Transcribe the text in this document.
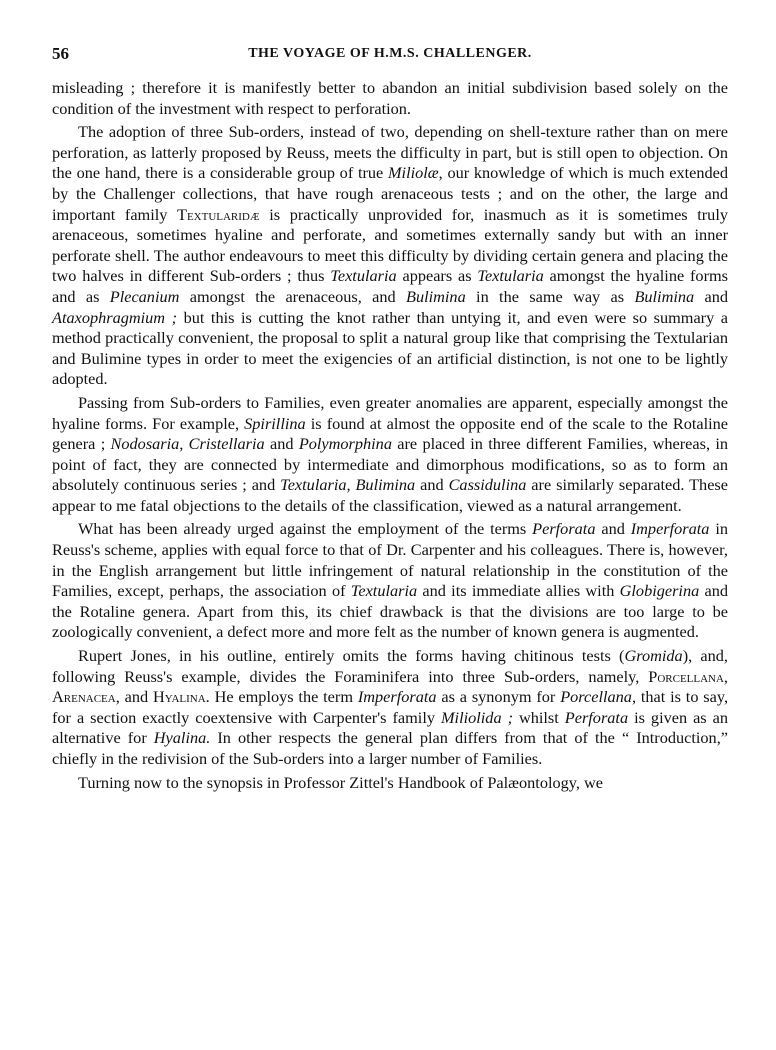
56	THE VOYAGE OF H.M.S. CHALLENGER.

misleading ; therefore it is manifestly better to abandon an initial subdivision based solely on the condition of the investment with respect to perforation.

The adoption of three Sub-orders, instead of two, depending on shell-texture rather than on mere perforation, as latterly proposed by Reuss, meets the difficulty in part, but is still open to objection. On the one hand, there is a considerable group of true Miliolæ, our knowledge of which is much extended by the Challenger collections, that have rough arenaceous tests ; and on the other, the large and important family Textularidæ is practically unprovided for, inasmuch as it is sometimes truly arenaceous, sometimes hyaline and perforate, and sometimes externally sandy but with an inner perforate shell. The author endeavours to meet this difficulty by dividing certain genera and placing the two halves in different Sub-orders ; thus Textularia appears as Textularia amongst the hyaline forms and as Plecanium amongst the arenaceous, and Bulimina in the same way as Bulimina and Ataxophragmium ; but this is cutting the knot rather than untying it, and even were so summary a method practically convenient, the proposal to split a natural group like that comprising the Textularian and Bulimine types in order to meet the exigencies of an artificial distinction, is not one to be lightly adopted.

Passing from Sub-orders to Families, even greater anomalies are apparent, especially amongst the hyaline forms. For example, Spirillina is found at almost the opposite end of the scale to the Rotaline genera ; Nodosaria, Cristellaria and Polymorphina are placed in three different Families, whereas, in point of fact, they are connected by intermediate and dimorphous modifications, so as to form an absolutely continuous series ; and Textularia, Bulimina and Cassidulina are similarly separated. These appear to me fatal objections to the details of the classification, viewed as a natural arrangement.

What has been already urged against the employment of the terms Perforata and Imperforata in Reuss's scheme, applies with equal force to that of Dr. Carpenter and his colleagues. There is, however, in the English arrangement but little infringement of natural relationship in the constitution of the Families, except, perhaps, the association of Textularia and its immediate allies with Globigerina and the Rotaline genera. Apart from this, its chief drawback is that the divisions are too large to be zoologically convenient, a defect more and more felt as the number of known genera is augmented.

Rupert Jones, in his outline, entirely omits the forms having chitinous tests (Gromida), and, following Reuss's example, divides the Foraminifera into three Sub-orders, namely, Porcellana, Arenacea, and Hyalina. He employs the term Imperforata as a synonym for Porcellana, that is to say, for a section exactly coextensive with Carpenter's family Miliolida ; whilst Perforata is given as an alternative for Hyalina. In other respects the general plan differs from that of the “ Introduction,” chiefly in the redivision of the Sub-orders into a larger number of Families.

Turning now to the synopsis in Professor Zittel's Handbook of Palæontology, we
